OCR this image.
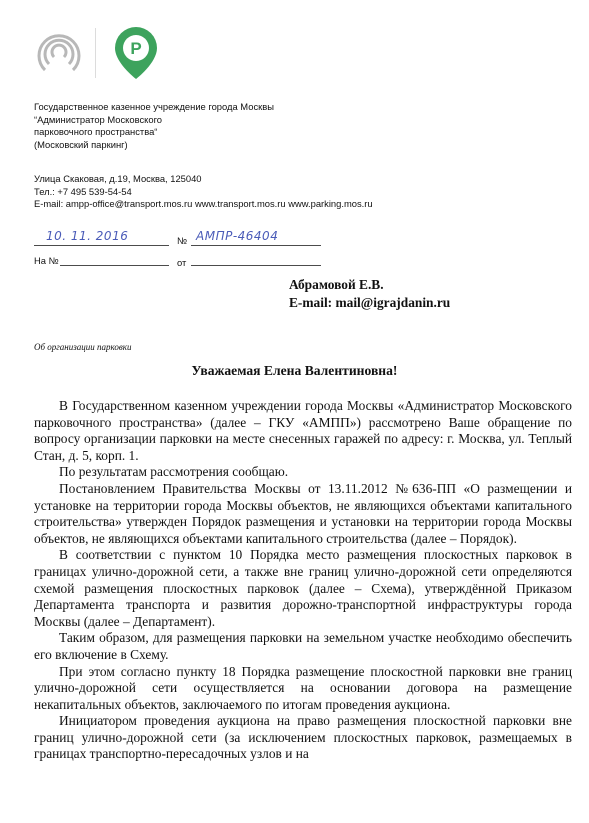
P
Государственное казенное учреждение города Москвы
“Администратор Московского
парковочного пространства“
(Московский паркинг)
Улица Скаковая, д.19, Москва, 125040
Тел.: +7 495 539-54-54
E-mail: ampp-office@transport.mos.ru www.transport.mos.ru www.parking.mos.ru
10. 11. 2016	№ АМПР-46404
На №	от
Абрамовой Е.В.
E-mail: mail@igrajdanin.ru
Об организации парковки
Уважаемая Елена Валентиновна!

В Государственном казенном учреждении города Москвы «Администратор Московского парковочного пространства» (далее – ГКУ «АМПП») рассмотрено Ваше обращение по вопросу организации парковки на месте снесенных гаражей по адресу: г. Москва, ул. Теплый Стан, д. 5, корп. 1.

По результатам рассмотрения сообщаю.

Постановлением Правительства Москвы от 13.11.2012 №636-ПП «О размещении и установке на территории города Москвы объектов, не являющихся объектами капитального строительства» утвержден Порядок размещения и установки на территории города Москвы объектов, не являющихся объектами капитального строительства (далее – Порядок).

В соответствии с пунктом 10 Порядка место размещения плоскостных парковок в границах улично-дорожной сети, а также вне границ улично-дорожной сети определяются схемой размещения плоскостных парковок (далее – Схема), утверждённой Приказом Департамента транспорта и развития дорожно-транспортной инфраструктуры города Москвы (далее – Департамент).

Таким образом, для размещения парковки на земельном участке необходимо обеспечить его включение в Схему.

При этом согласно пункту 18 Порядка размещение плоскостной парковки вне границ улично-дорожной сети осуществляется на основании договора на размещение некапитальных объектов, заключаемого по итогам проведения аукциона.

Инициатором проведения аукциона на право размещения плоскостной парковки вне границ улично-дорожной сети (за исключением плоскостных парковок, размещаемых в границах транспортно-пересадочных узлов и на
